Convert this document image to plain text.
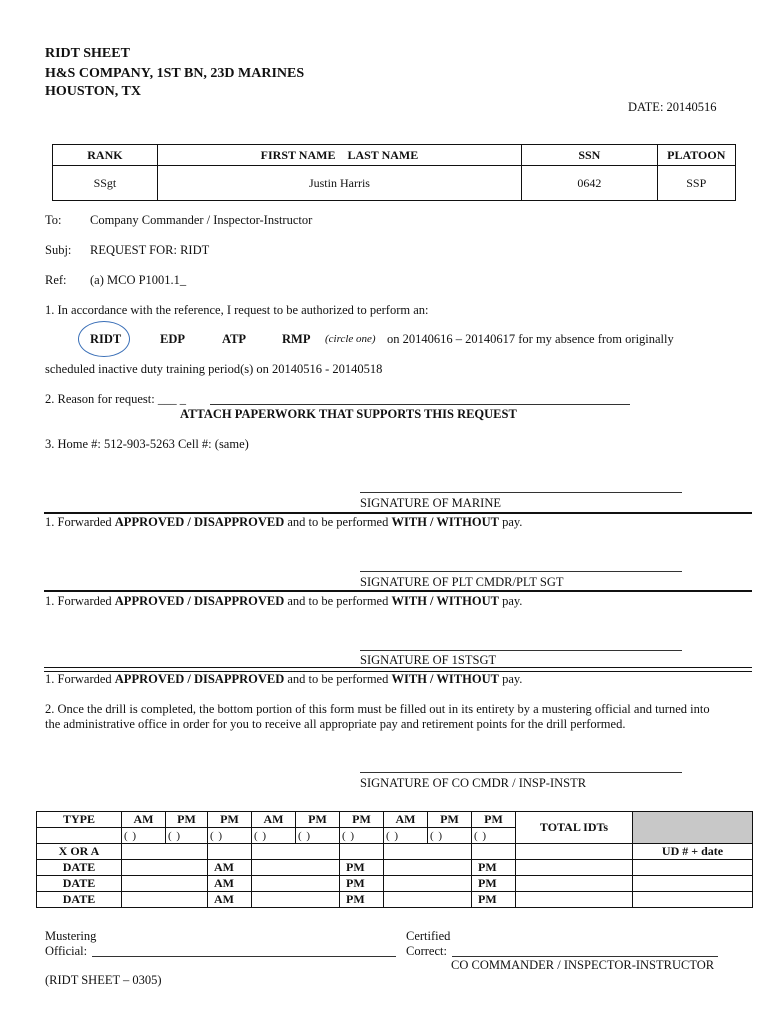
RIDT SHEET
H&S COMPANY, 1ST BN, 23D MARINES
HOUSTON, TX
DATE: 20140516
RANK	FIRST NAME    LAST NAME	SSN	PLATOON
SSgt	Justin Harris	0642	SSP
To: Company Commander / Inspector-Instructor
Subj: REQUEST FOR: RIDT
Ref: (a) MCO P1001.1_
1. In accordance with the reference, I request to be authorized to perform an:
RIDT	EDP	ATP	RMP (circle one) on 20140616 – 20140617 for my absence from originally
scheduled inactive duty training period(s) on 20140516 - 20140518
2. Reason for request: ___ _
ATTACH PAPERWORK THAT SUPPORTS THIS REQUEST
3. Home #: 512-903-5263 Cell #: (same)
SIGNATURE OF MARINE
1. Forwarded APPROVED / DISAPPROVED and to be performed WITH / WITHOUT pay.
SIGNATURE OF PLT CMDR/PLT SGT
1. Forwarded APPROVED / DISAPPROVED and to be performed WITH / WITHOUT pay.
SIGNATURE OF 1STSGT
1. Forwarded APPROVED / DISAPPROVED and to be performed WITH / WITHOUT pay.
2. Once the drill is completed, the bottom portion of this form must be filled out in its entirety by a mustering official and turned into the administrative office in order for you to receive all appropriate pay and retirement points for the drill performed.
SIGNATURE OF CO CMDR / INSP-INSTR
TYPE	AM	PM	PM	AM	PM	PM	AM	PM	PM	TOTAL IDTs	
	( )	( )	( )	( )	( )	( )	( )	( )	( )		
X OR A											UD # + date
DATE			AM			PM			PM		
DATE			AM			PM			PM		
DATE			AM			PM			PM		
Mustering
Official:
Certified
Correct:
CO COMMANDER / INSPECTOR-INSTRUCTOR
(RIDT SHEET – 0305)
